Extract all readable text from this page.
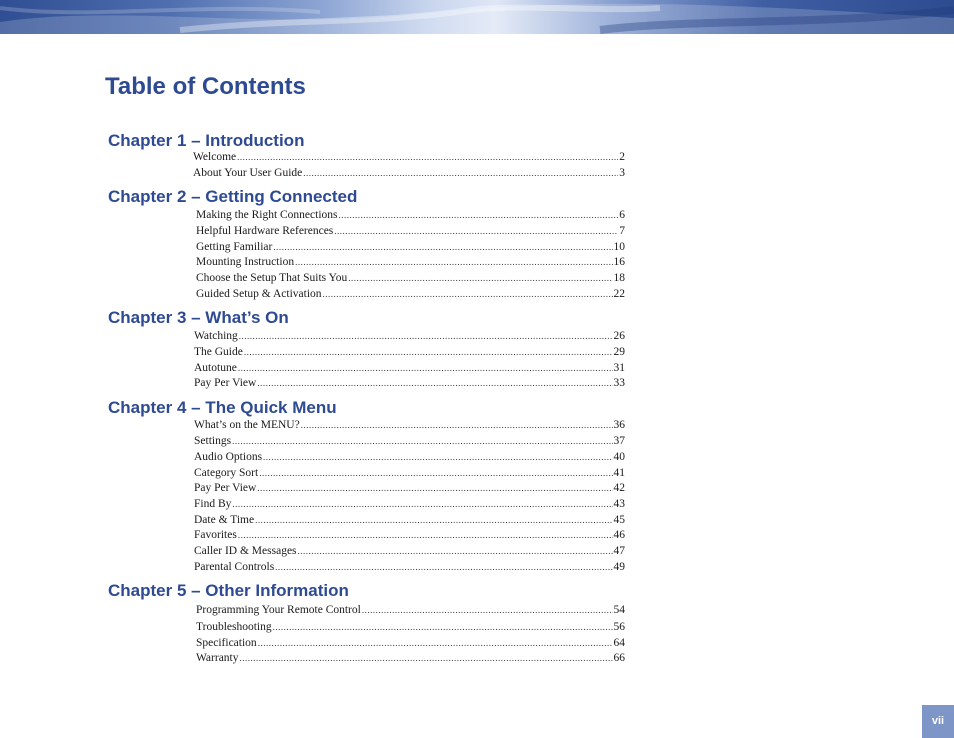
Table of Contents
Chapter 1 – Introduction
Welcome .....	2
About Your User Guide .....	3
Chapter 2 – Getting Connected
Making the Right Connections .....	6
Helpful Hardware References .....	7
Getting Familiar .....	10
Mounting Instruction .....	16
Choose the Setup That Suits You .....	18
Guided Setup & Activation .....	22
Chapter 3 – What’s On
Watching .....	26
The Guide .....	29
Autotune .....	31
Pay Per View .....	33
Chapter 4 – The Quick Menu
What’s on the MENU? .....	36
Settings .....	37
Audio Options .....	40
Category Sort .....	41
Pay Per View .....	42
Find By .....	43
Date & Time .....	45
Favorites .....	46
Caller ID & Messages .....	47
Parental Controls .....	49
Chapter 5 – Other Information
Programming Your Remote Control .....	54
Troubleshooting .....	56
Specification .....	64
Warranty .....	66
vii
